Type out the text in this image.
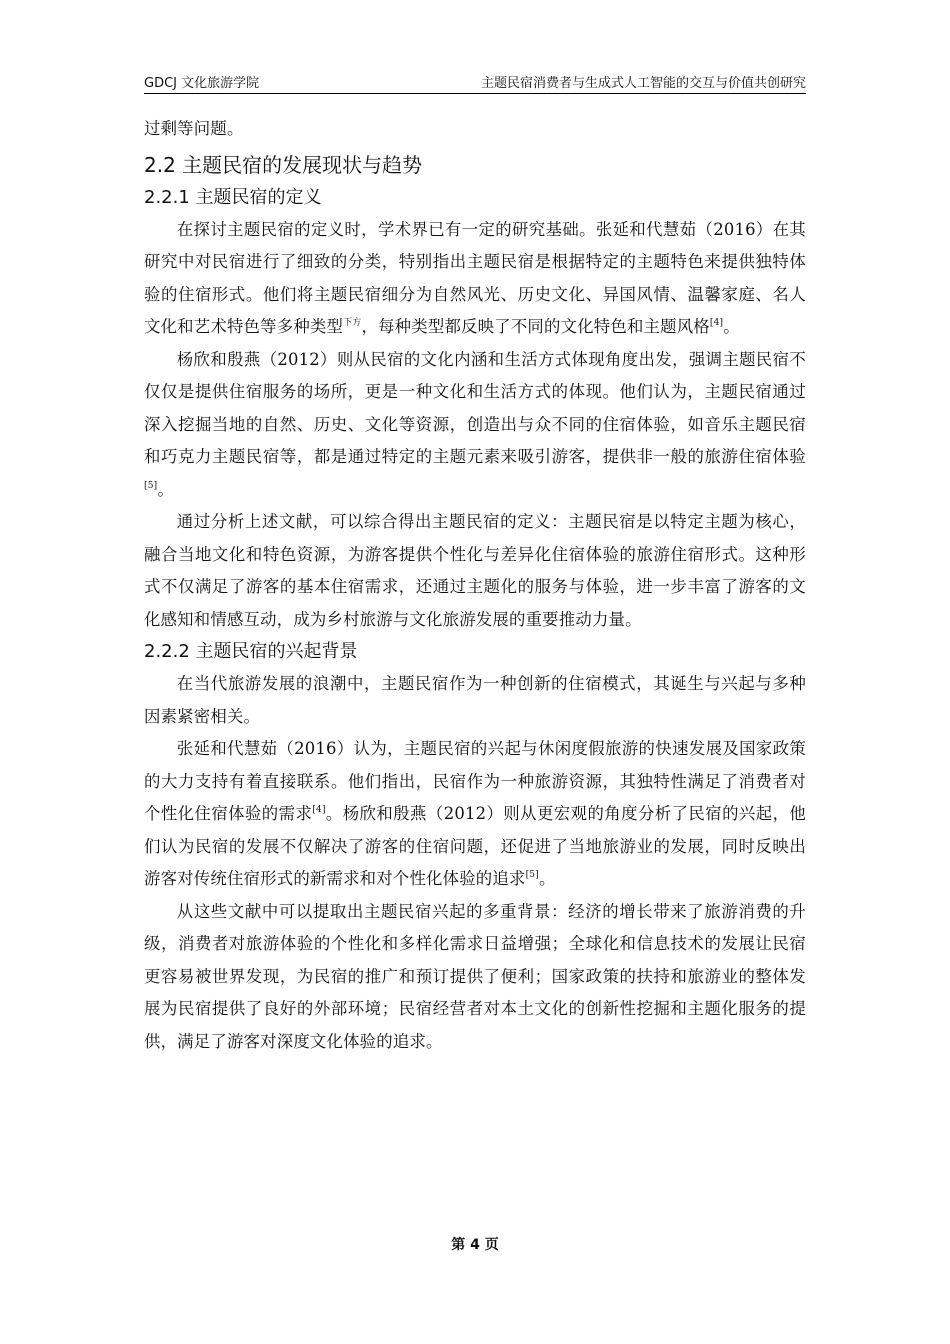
GDCJ 文化旅游学院	主题民宿消费者与生成式人工智能的交互与价值共创研究

过剩等问题。

2.2 主题民宿的发展现状与趋势
2.2.1 主题民宿的定义

在探讨主题民宿的定义时，学术界已有一定的研究基础。张延和代慧茹（2016）在其研究中对民宿进行了细致的分类，特别指出主题民宿是根据特定的主题特色来提供独特体验的住宿形式。他们将主题民宿细分为自然风光、历史文化、异国风情、温馨家庭、名人文化和艺术特色等多种类型$^{下方}$，每种类型都反映了不同的文化特色和主题风格[4]。

杨欣和殷燕（2012）则从民宿的文化内涵和生活方式体现角度出发，强调主题民宿不仅仅是提供住宿服务的场所，更是一种文化和生活方式的体现。他们认为，主题民宿通过深入挖掘当地的自然、历史、文化等资源，创造出与众不同的住宿体验，如音乐主题民宿和巧克力主题民宿等，都是通过特定的主题元素来吸引游客，提供非一般的旅游住宿体验[5]。

通过分析上述文献，可以综合得出主题民宿的定义：主题民宿是以特定主题为核心，融合当地文化和特色资源，为游客提供个性化与差异化住宿体验的旅游住宿形式。这种形式不仅满足了游客的基本住宿需求，还通过主题化的服务与体验，进一步丰富了游客的文化感知和情感互动，成为乡村旅游与文化旅游发展的重要推动力量。

2.2.2 主题民宿的兴起背景

在当代旅游发展的浪潮中，主题民宿作为一种创新的住宿模式，其诞生与兴起与多种因素紧密相关。

张延和代慧茹（2016）认为，主题民宿的兴起与休闲度假旅游的快速发展及国家政策的大力支持有着直接联系。他们指出，民宿作为一种旅游资源，其独特性满足了消费者对个性化住宿体验的需求[4]。杨欣和殷燕（2012）则从更宏观的角度分析了民宿的兴起，他们认为民宿的发展不仅解决了游客的住宿问题，还促进了当地旅游业的发展，同时反映出游客对传统住宿形式的新需求和对个性化体验的追求[5]。

从这些文献中可以提取出主题民宿兴起的多重背景：经济的增长带来了旅游消费的升级，消费者对旅游体验的个性化和多样化需求日益增强；全球化和信息技术的发展让民宿更容易被世界发现，为民宿的推广和预订提供了便利；国家政策的扶持和旅游业的整体发展为民宿提供了良好的外部环境；民宿经营者对本土文化的创新性挖掘和主题化服务的提供，满足了游客对深度文化体验的追求。

第 4 页
